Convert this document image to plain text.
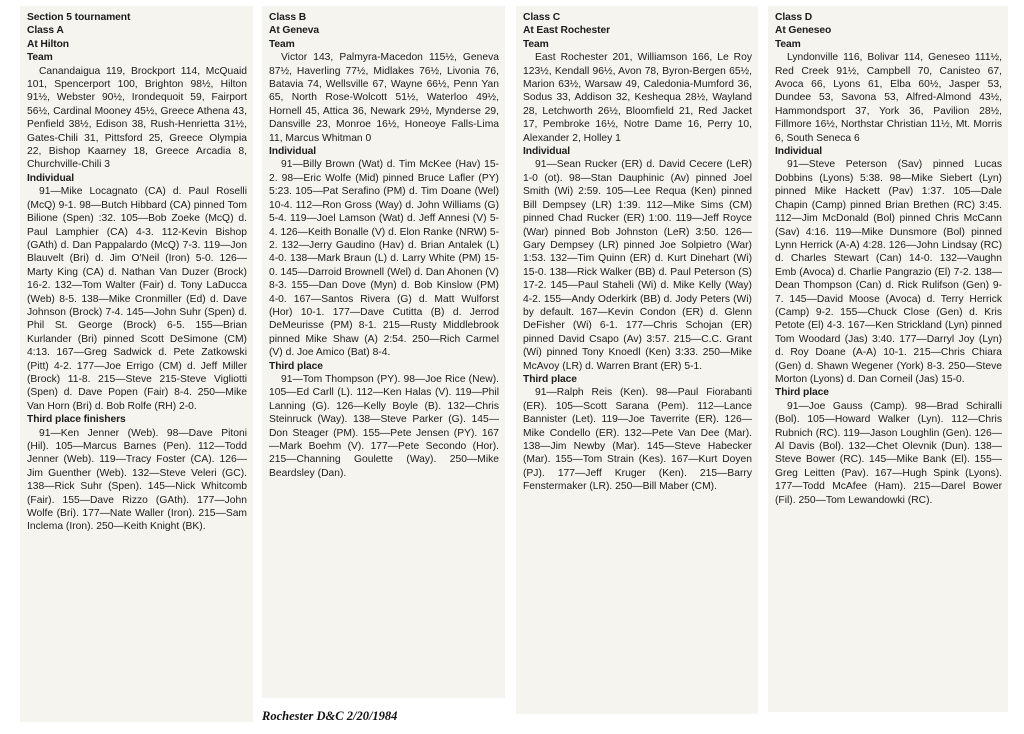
Section 5 tournament
Class A
At Hilton
Team
Canandaigua 119, Brockport 114, McQuaid 101, Spencerport 100, Brighton 98½, Hilton 91½, Webster 90½, Irondequoit 59, Fairport 56½, Cardinal Mooney 45½, Greece Athena 43, Penfield 38½, Edison 38, Rush-Henrietta 31½, Gates-Chili 31, Pittsford 25, Greece Olympia 22, Bishop Kaarney 18, Greece Arcadia 8, Churchville-Chili 3
Individual
91—Mike Locagnato (CA) d. Paul Roselli (McQ) 9-1. 98—Butch Hibbard (CA) pinned Tom Bilione (Spen) :32. 105—Bob Zoeke (McQ) d. Paul Lamphier (CA) 4-3. 112-Kevin Bishop (GAth) d. Dan Pappalardo (McQ) 7-3. 119—Jon Blauvelt (Bri) d. Jim O'Neil (Iron) 5-0. 126—Marty King (CA) d. Nathan Van Duzer (Brock) 16-2. 132—Tom Walter (Fair) d. Tony LaDucca (Web) 8-5. 138—Mike Cronmiller (Ed) d. Dave Johnson (Brock) 7-4. 145—John Suhr (Spen) d. Phil St. George (Brock) 6-5. 155—Brian Kurlander (Bri) pinned Scott DeSimone (CM) 4:13. 167—Greg Sadwick d. Pete Zatkowski (Pitt) 4-2. 177—Joe Errigo (CM) d. Jeff Miller (Brock) 11-8. 215—Steve 215-Steve Vigliotti (Spen) d. Dave Popen (Fair) 8-4. 250—Mike Van Horn (Bri) d. Bob Rolfe (RH) 2-0.
Third place finishers
91—Ken Jenner (Web). 98—Dave Pitoni (Hil). 105—Marcus Barnes (Pen). 112—Todd Jenner (Web). 119—Tracy Foster (CA). 126—Jim Guenther (Web). 132—Steve Veleri (GC). 138—Rick Suhr (Spen). 145—Nick Whitcomb (Fair). 155—Dave Rizzo (GAth). 177—John Wolfe (Bri). 177—Nate Waller (Iron). 215—Sam Inclema (Iron). 250—Keith Knight (BK).
Class B
At Geneva
Team
Victor 143, Palmyra-Macedon 115½, Geneva 87½, Haverling 77½, Midlakes 76½, Livonia 76, Batavia 74, Wellsville 67, Wayne 66½, Penn Yan 65, North Rose-Wolcott 51½, Waterloo 49½, Hornell 45, Attica 36, Newark 29½, Mynderse 29, Dansville 23, Monroe 16½, Honeoye Falls-Lima 11, Marcus Whitman 0
Individual
91—Billy Brown (Wat) d. Tim McKee (Hav) 15-2. 98—Eric Wolfe (Mid) pinned Bruce Lafler (PY) 5:23. 105—Pat Serafino (PM) d. Tim Doane (Wel) 10-4. 112—Ron Gross (Way) d. John Williams (G) 5-4. 119—Joel Lamson (Wat) d. Jeff Annesi (V) 5-4. 126—Keith Bonalle (V) d. Elon Ranke (NRW) 5-2. 132—Jerry Gaudino (Hav) d. Brian Antalek (L) 4-0. 138—Mark Braun (L) d. Larry White (PM) 15-0. 145—Darroid Brownell (Wel) d. Dan Ahonen (V) 8-3. 155—Dan Dove (Myn) d. Bob Kinslow (PM) 4-0. 167—Santos Rivera (G) d. Matt Wulforst (Hor) 10-1. 177—Dave Cutitta (B) d. Jerrod DeMeurisse (PM) 8-1. 215—Rusty Middlebrook pinned Mike Shaw (A) 2:54. 250—Rich Carmel (V) d. Joe Amico (Bat) 8-4.
Third place
91—Tom Thompson (PY). 98—Joe Rice (New). 105—Ed Carll (L). 112—Ken Halas (V). 119—Phil Lanning (G). 126—Kelly Boyle (B). 132—Chris Steinruck (Way). 138—Steve Parker (G). 145—Don Steager (PM). 155—Pete Jensen (PY). 167—Mark Boehm (V). 177—Pete Secondo (Hor). 215—Channing Goulette (Way). 250—Mike Beardsley (Dan).
Class C
At East Rochester
Team
East Rochester 201, Williamson 166, Le Roy 123½, Kendall 96½, Avon 78, Byron-Bergen 65½, Marion 63½, Warsaw 49, Caledonia-Mumford 36, Sodus 33, Addison 32, Keshequa 28½, Wayland 28, Letchworth 26½, Bloomfield 21, Red Jacket 17, Pembroke 16½, Notre Dame 16, Perry 10, Alexander 2, Holley 1
Individual
91—Sean Rucker (ER) d. David Cecere (LeR) 1-0 (ot). 98—Stan Dauphinic (Av) pinned Joel Smith (Wi) 2:59. 105—Lee Requa (Ken) pinned Bill Dempsey (LR) 1:39. 112—Mike Sims (CM) pinned Chad Rucker (ER) 1:00. 119—Jeff Royce (War) pinned Bob Johnston (LeR) 3:50. 126—Gary Dempsey (LR) pinned Joe Solpietro (War) 1:53. 132—Tim Quinn (ER) d. Kurt Dinehart (Wi) 15-0. 138—Rick Walker (BB) d. Paul Peterson (S) 17-2. 145—Paul Staheli (Wi) d. Mike Kelly (Way) 4-2. 155—Andy Oderkirk (BB) d. Jody Peters (Wi) by default. 167—Kevin Condon (ER) d. Glenn DeFisher (Wi) 6-1. 177—Chris Schojan (ER) pinned David Csapo (Av) 3:57. 215—C.C. Grant (Wi) pinned Tony Knoedl (Ken) 3:33. 250—Mike McAvoy (LR) d. Warren Brant (ER) 5-1.
Third place
91—Ralph Reis (Ken). 98—Paul Fiorabanti (ER). 105—Scott Sarana (Pem). 112—Lance Bannister (Let). 119—Joe Taverrite (ER). 126—Mike Condello (ER). 132—Pete Van Dee (Mar). 138—Jim Newby (Mar). 145—Steve Habecker (Mar). 155—Tom Strain (Kes). 167—Kurt Doyen (PJ). 177—Jeff Kruger (Ken). 215—Barry Fenstermaker (LR). 250—Bill Maber (CM).
Class D
At Geneseo
Team
Lyndonville 116, Bolivar 114, Geneseo 111½, Red Creek 91½, Campbell 70, Canisteo 67, Avoca 66, Lyons 61, Elba 60½, Jasper 53, Dundee 53, Savona 53, Alfred-Almond 43½, Hammondsport 37, York 36, Pavilion 28½, Fillmore 16½, Northstar Christian 11½, Mt. Morris 6, South Seneca 6
Individual
91—Steve Peterson (Sav) pinned Lucas Dobbins (Lyons) 5:38. 98—Mike Siebert (Lyn) pinned Mike Hackett (Pav) 1:37. 105—Dale Chapin (Camp) pinned Brian Brethen (RC) 3:45. 112—Jim McDonald (Bol) pinned Chris McCann (Sav) 4:16. 119—Mike Dunsmore (Bol) pinned Lynn Herrick (A-A) 4:28. 126—John Lindsay (RC) d. Charles Stewart (Can) 14-0. 132—Vaughn Emb (Avoca) d. Charlie Pangrazio (El) 7-2. 138—Dean Thompson (Can) d. Rick Rulifson (Gen) 9-7. 145—David Moose (Avoca) d. Terry Herrick (Camp) 9-2. 155—Chuck Close (Gen) d. Kris Petote (El) 4-3. 167—Ken Strickland (Lyn) pinned Tom Woodard (Jas) 3:40. 177—Darryl Joy (Lyn) d. Roy Doane (A-A) 10-1. 215—Chris Chiara (Gen) d. Shawn Wegener (York) 8-3. 250—Steve Morton (Lyons) d. Dan Corneil (Jas) 15-0.
Third place
91—Joe Gauss (Camp). 98—Brad Schiralli (Bol). 105—Howard Walker (Lyn). 112—Chris Rubnich (RC). 119—Jason Loughlin (Gen). 126—Al Davis (Bol). 132—Chet Olevnik (Dun). 138—Steve Bower (RC). 145—Mike Bank (El). 155—Greg Leitten (Pav). 167—Hugh Spink (Lyons). 177—Todd McAfee (Ham). 215—Darel Bower (Fil). 250—Tom Lewandowki (RC).
Rochester D&C 2/20/1984
